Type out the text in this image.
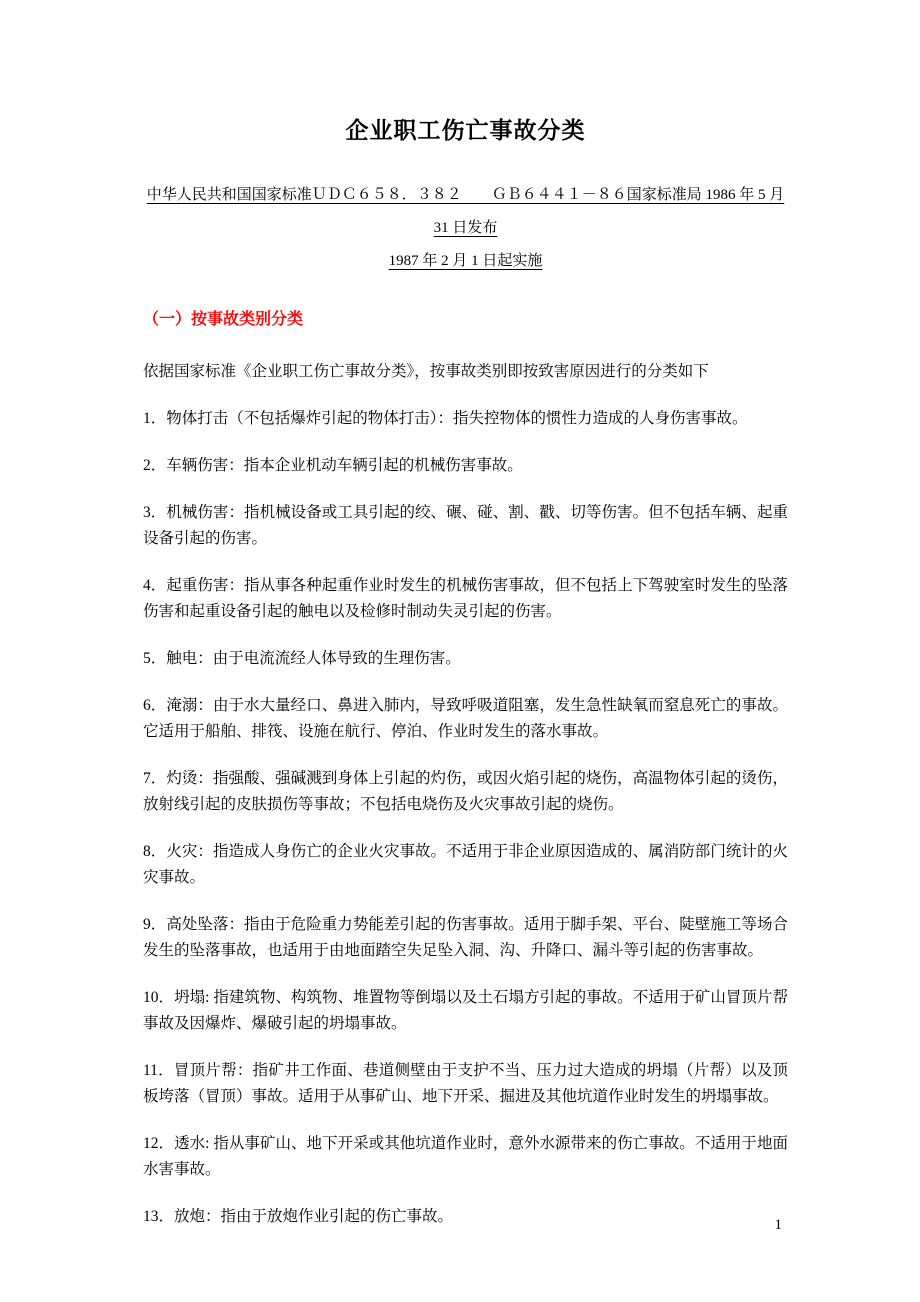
企业职工伤亡事故分类
中华人民共和国国家标准ＵＤＣ６５８．３８２　　ＧＢ６４４１－８６国家标准局 1986 年 5 月 31 日发布
1987 年 2 月 1 日起实施
（一）按事故类别分类

依据国家标准《企业职工伤亡事故分类》，按事故类别即按致害原因进行的分类如下

1．物体打击（不包括爆炸引起的物体打击）：指失控物体的惯性力造成的人身伤害事故。

2．车辆伤害：指本企业机动车辆引起的机械伤害事故。

3．机械伤害：指机械设备或工具引起的绞、碾、碰、割、戳、切等伤害。但不包括车辆、起重设备引起的伤害。

4．起重伤害：指从事各种起重作业时发生的机械伤害事故，但不包括上下驾驶室时发生的坠落伤害和起重设备引起的触电以及检修时制动失灵引起的伤害。

5．触电：由于电流流经人体导致的生理伤害。

6．淹溺：由于水大量经口、鼻进入肺内，导致呼吸道阻塞，发生急性缺氧而窒息死亡的事故。它适用于船舶、排筏、设施在航行、停泊、作业时发生的落水事故。

7．灼烫：指强酸、强碱溅到身体上引起的灼伤，或因火焰引起的烧伤，高温物体引起的烫伤，放射线引起的皮肤损伤等事故；不包括电烧伤及火灾事故引起的烧伤。

8．火灾：指造成人身伤亡的企业火灾事故。不适用于非企业原因造成的、属消防部门统计的火灾事故。

9．高处坠落：指由于危险重力势能差引起的伤害事故。适用于脚手架、平台、陡壁施工等场合发生的坠落事故，也适用于由地面踏空失足坠入洞、沟、升降口、漏斗等引起的伤害事故。

10．坍塌: 指建筑物、构筑物、堆置物等倒塌以及土石塌方引起的事故。不适用于矿山冒顶片帮事故及因爆炸、爆破引起的坍塌事故。

11．冒顶片帮：指矿井工作面、巷道侧壁由于支护不当、压力过大造成的坍塌（片帮）以及顶板垮落（冒顶）事故。适用于从事矿山、地下开采、掘进及其他坑道作业时发生的坍塌事故。

12．透水: 指从事矿山、地下开采或其他坑道作业时，意外水源带来的伤亡事故。不适用于地面水害事故。

13．放炮：指由于放炮作业引起的伤亡事故。	1
